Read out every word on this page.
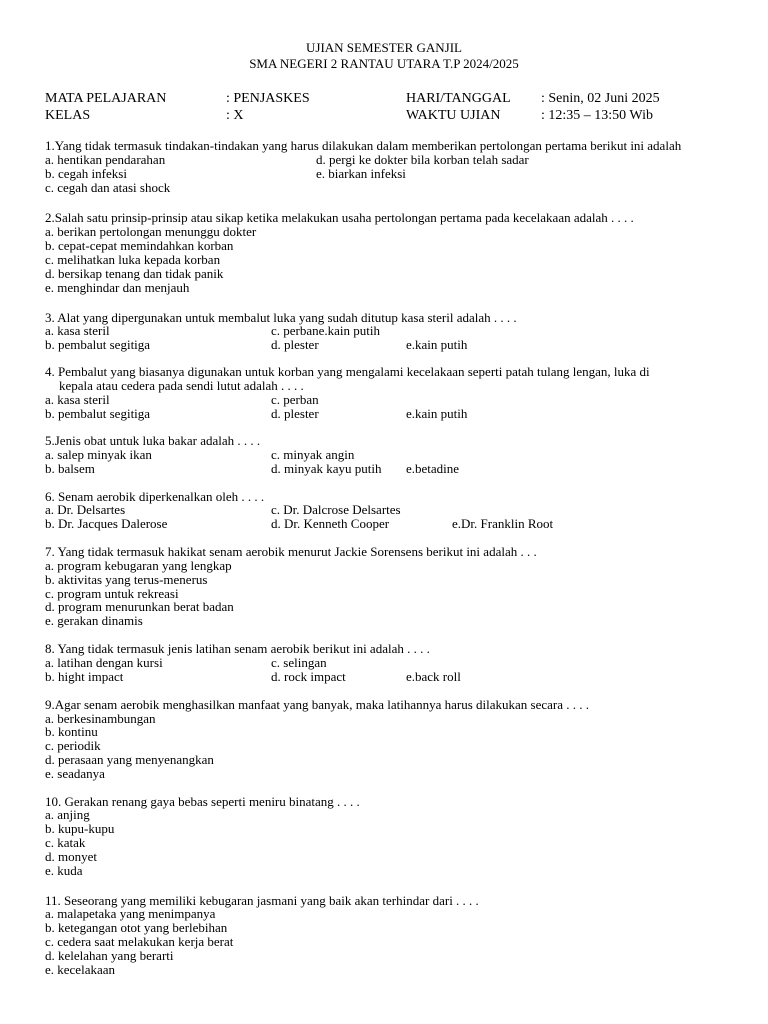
UJIAN SEMESTER GANJIL
SMA NEGERI 2 RANTAU UTARA T.P 2024/2025
MATA PELAJARAN	: PENJASKES	HARI/TANGGAL : Senin, 02 Juni 2025
KELAS	: X	WAKTU UJIAN	: 12:35 – 13:50 Wib
1.Yang tidak termasuk tindakan-tindakan yang harus dilakukan dalam memberikan pertolongan pertama berikut ini adalah
a. hentikan pendarahan	d. pergi ke dokter bila korban telah sadar
b. cegah infeksi	e. biarkan infeksi
c. cegah dan atasi shock
2.Salah satu prinsip-prinsip atau sikap ketika melakukan usaha pertolongan pertama pada kecelakaan adalah . . . .
a. berikan pertolongan menunggu dokter
b. cepat-cepat memindahkan korban
c. melihatkan luka kepada korban
d. bersikap tenang dan tidak panik
e. menghindar dan menjauh
3. Alat yang dipergunakan untuk membalut luka yang sudah ditutup kasa steril adalah . . . .
a. kasa steril	c. perbane.kain putih
b. pembalut segitiga	d. plester	e.kain putih
4. Pembalut yang biasanya digunakan untuk korban yang mengalami kecelakaan seperti patah tulang lengan, luka di
kepala atau cedera pada sendi lutut adalah . . . .
a. kasa steril	c. perban
b. pembalut segitiga	d. plester	e.kain putih
5.Jenis obat untuk luka bakar adalah . . . .
a. salep minyak ikan	c. minyak angin
b. balsem	d. minyak kayu putih e.betadine
6. Senam aerobik diperkenalkan oleh . . . .
a. Dr. Delsartes	c. Dr. Dalcrose Delsartes
b. Dr. Jacques Dalerose	d. Dr. Kenneth Cooper	e.Dr. Franklin Root
7. Yang tidak termasuk hakikat senam aerobik menurut Jackie Sorensens berikut ini adalah . . .
a. program kebugaran yang lengkap
b. aktivitas yang terus-menerus
c. program untuk rekreasi
d. program menurunkan berat badan
e. gerakan dinamis
8. Yang tidak termasuk jenis latihan senam aerobik berikut ini adalah . . . .
a. latihan dengan kursi	c. selingan
b. hight impact	d. rock impact	e.back roll
9.Agar senam aerobik menghasilkan manfaat yang banyak, maka latihannya harus dilakukan secara . . . .
a. berkesinambungan
b. kontinu
c. periodik
d. perasaan yang menyenangkan
e. seadanya
10. Gerakan renang gaya bebas seperti meniru binatang . . . .
a. anjing
b. kupu-kupu
c. katak
d. monyet
e. kuda
11. Seseorang yang memiliki kebugaran jasmani yang baik akan terhindar dari . . . .
a. malapetaka yang menimpanya
b. ketegangan otot yang berlebihan
c. cedera saat melakukan kerja berat
d. kelelahan yang berarti
e. kecelakaan
